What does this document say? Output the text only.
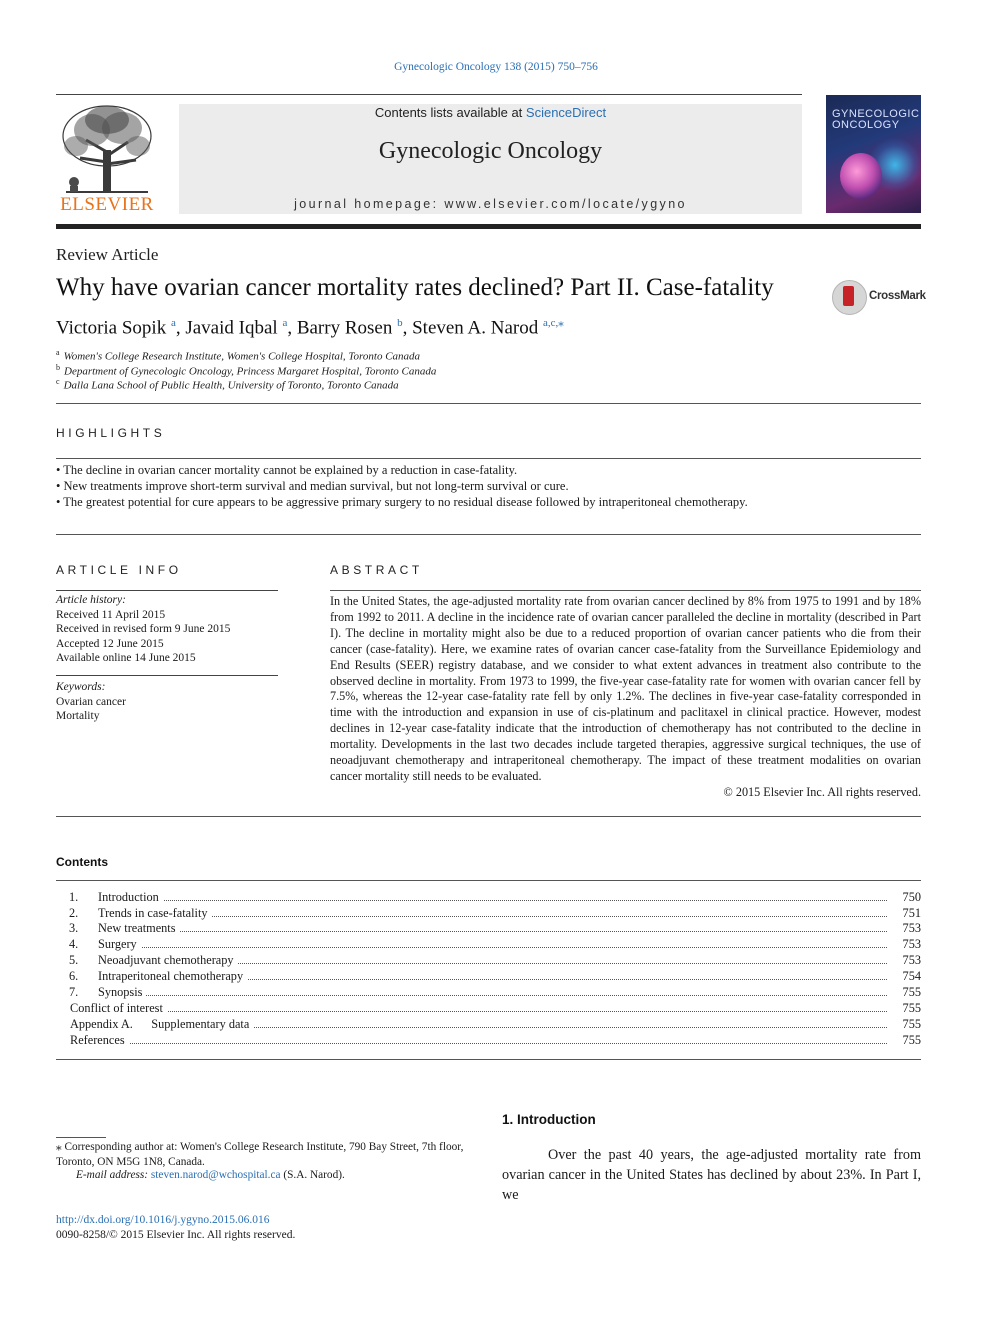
Gynecologic Oncology 138 (2015) 750–756
ELSEVIER
Contents lists available at ScienceDirect
Gynecologic Oncology
journal homepage: www.elsevier.com/locate/ygyno
GYNECOLOGIC ONCOLOGY
Review Article
Why have ovarian cancer mortality rates declined? Part II. Case-fatality	CrossMark
Victoria Sopik $^a$, Javaid Iqbal $^a$, Barry Rosen $^b$, Steven A. Narod $^{a,c,⁎}$
$^a$ Women's College Research Institute, Women's College Hospital, Toronto Canada
$^b$ Department of Gynecologic Oncology, Princess Margaret Hospital, Toronto Canada
$^c$ Dalla Lana School of Public Health, University of Toronto, Toronto Canada
HIGHLIGHTS
• The decline in ovarian cancer mortality cannot be explained by a reduction in case-fatality.
• New treatments improve short-term survival and median survival, but not long-term survival or cure.
• The greatest potential for cure appears to be aggressive primary surgery to no residual disease followed by intraperitoneal chemotherapy.
ARTICLE INFO
Article history:
Received 11 April 2015
Received in revised form 9 June 2015
Accepted 12 June 2015
Available online 14 June 2015
Keywords:
Ovarian cancer
Mortality
ABSTRACT
In the United States, the age-adjusted mortality rate from ovarian cancer declined by 8% from 1975 to 1991 and by 18% from 1992 to 2011. A decline in the incidence rate of ovarian cancer paralleled the decline in mortality (described in Part I). The decline in mortality might also be due to a reduced proportion of ovarian cancer patients who die from their cancer (case-fatality). Here, we examine rates of ovarian cancer case-fatality from the Surveillance Epidemiology and End Results (SEER) registry database, and we consider to what extent advances in treatment also contribute to the observed decline in mortality. From 1973 to 1999, the five-year case-fatality rate for women with ovarian cancer fell by 7.5%, whereas the 12-year case-fatality rate fell by only 1.2%. The declines in five-year case-fatality corresponded in time with the introduction and expansion in use of cis-platinum and paclitaxel in clinical practice. However, modest declines in 12-year case-fatality indicate that the introduction of chemotherapy has not contributed to the decline in mortality. Developments in the last two decades include targeted therapies, aggressive surgical techniques, the use of neoadjuvant chemotherapy and intraperitoneal chemotherapy. The impact of these treatment modalities on ovarian cancer mortality still needs to be evaluated.
© 2015 Elsevier Inc. All rights reserved.
Contents
1. Introduction	750
2. Trends in case-fatality	751
3. New treatments	753
4. Surgery	753
5. Neoadjuvant chemotherapy	753
6. Intraperitoneal chemotherapy	754
7. Synopsis	755
Conflict of interest	755
Appendix A.      Supplementary data	755
References	755
⁎ Corresponding author at: Women's College Research Institute, 790 Bay Street, 7th floor, Toronto, ON M5G 1N8, Canada.
E-mail address: steven.narod@wchospital.ca (S.A. Narod).
1. Introduction
Over the past 40 years, the age-adjusted mortality rate from ovarian cancer in the United States has declined by about 23%. In Part I, we
http://dx.doi.org/10.1016/j.ygyno.2015.06.016
0090-8258/© 2015 Elsevier Inc. All rights reserved.
